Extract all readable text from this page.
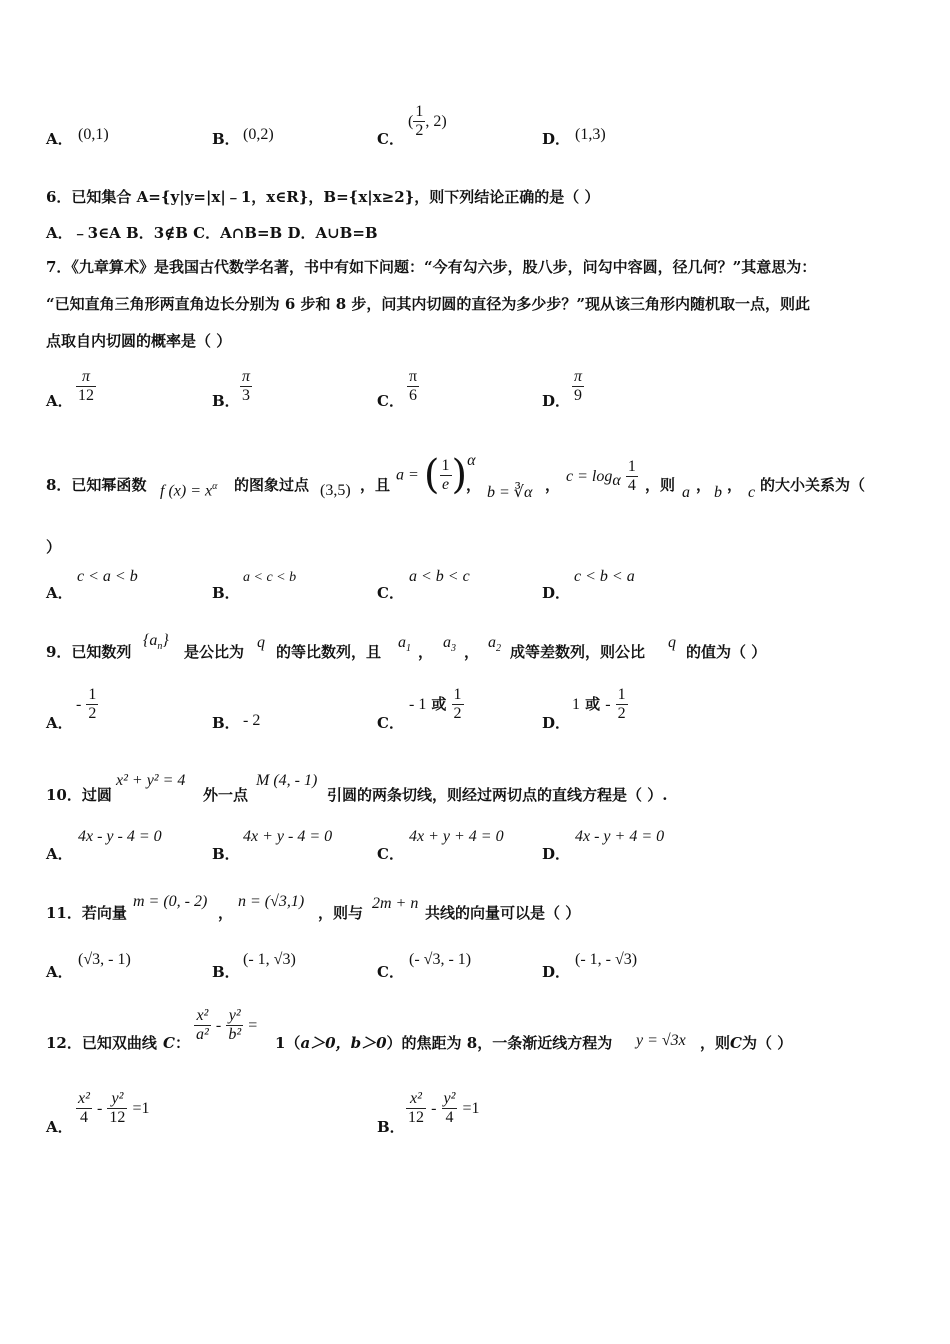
A． (0,1)	B． (0,2)	C．
( $\frac{1}{2}$ , 2)
D． (1,3)
6．已知集合 A={y|y=|x|﹣1，x∈R}，B={x|x≥2}，则下列结论正确的是（ ）
A．﹣3∈A B．3∉B C．A∩B=B D．A∪B=B
7．《九章算术》是我国古代数学名著，书中有如下问题：“今有勾六步，股八步，问勾中容圆，径几何？”其意思为：
“已知直角三角形两直角边长分别为 6 步和 8 步，问其内切圆的直径为多少步？”现从该三角形内随机取一点，则此
点取自内切圆的概率是（ ）
A． $\frac{\pi}{12}$	B． $\frac{\pi}{3}$	C． $\frac{\pi}{6}$	D． $\frac{\pi}{9}$
8．已知幂函数 f $(x) = x^\alpha$ 的图象过点 (3,5) ，且
a = ( $\frac{1}{e} )^\alpha$
， b = ∛α ， $c = \log_\alpha \frac{1}{4}$ ，则 a ， b ， c 的大小关系为（
）
A．
c < a < b
B．
a < c < b
C．
a < b < c
D．
c < b < a
9．已知数列
$\{a_n\}$
是公比为
q
的等比数列，且
$a_1$ ，
$a_3$ ，
$a_2$ 成等差数列，则公比
q
的值为（ ）
A．
- $\frac{1}{2}$	B． - 2	C．
- 1 或 $\frac{1}{2}$	D．
1 或 - $\frac{1}{2}$
10．过圆
x² + y² = 4
外一点
M (4, - 1)
引圆的两条切线，则经过两切点的直线方程是（ ）.
A．
4x - y - 4 = 0
B．
4x + y - 4 = 0
C．
4x + y + 4 = 0
D．
4x - y + 4 = 0
11．若向量
m = (0, - 2)
，
n = (√3,1)
，则与
2m + n
共线的向量可以是（ ）
A．
(√3, - 1)
B．
(- 1, √3)
C．
(- √3, - 1)
D．
(- 1, - √3)
12．已知双曲线 C： $\frac{\text{x²}}{\text{a²}} - \frac{\text{y²}}{\text{b²}}$ =
1（a＞0，b＞0）的焦距为 8，一条渐近线方程为 y = √3x ，则C为（ ）
A． $\frac{\text{x²}}{4} - \frac{\text{y²}}{12} =1$
B． $\frac{\text{x²}}{12} - \frac{\text{y²}}{4} =1$
